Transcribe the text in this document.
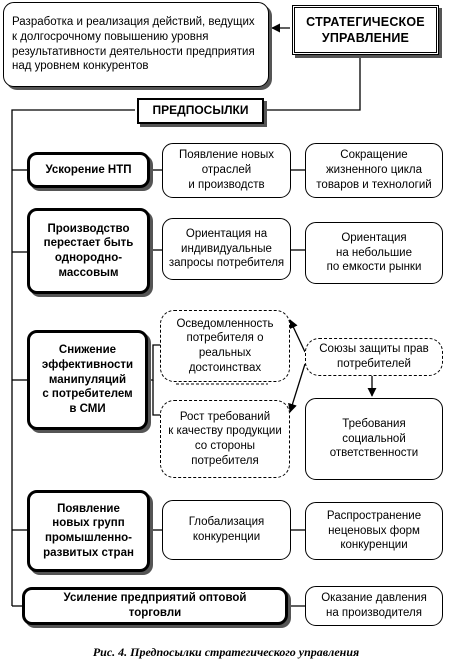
Разработка и реализация действий, ведущих к долгосрочному повышению уровня результативности деятельности предприятия над уровнем конкурентов
СТРАТЕГИЧЕСКОЕ
УПРАВЛЕНИЕ
ПРЕДПОСЫЛКИ
Ускорение НТП
Появление новых
отраслей
и производств
Сокращение
жизненного цикла
товаров и технологий
Производство
перестает быть
однородно-
массовым
Ориентация на
индивидуальные
запросы потребителя
Ориентация
на небольшие
по емкости рынки
Снижение
эффективности
манипуляций
с потребителем
в СМИ
Осведомленность
потребителя о
реальных
достоинствах
Рост требований
к качеству продукции
со стороны
потребителя
Союзы защиты прав
потребителей
Требования
социальной
ответственности
Появление
новых групп
промышленно-
развитых стран
Глобализация
конкуренции
Распространение
неценовых форм
конкуренции
Усиление предприятий оптовой
торговли
Оказание давления
на производителя
Рис. 4. Предпосылки стратегического управления
